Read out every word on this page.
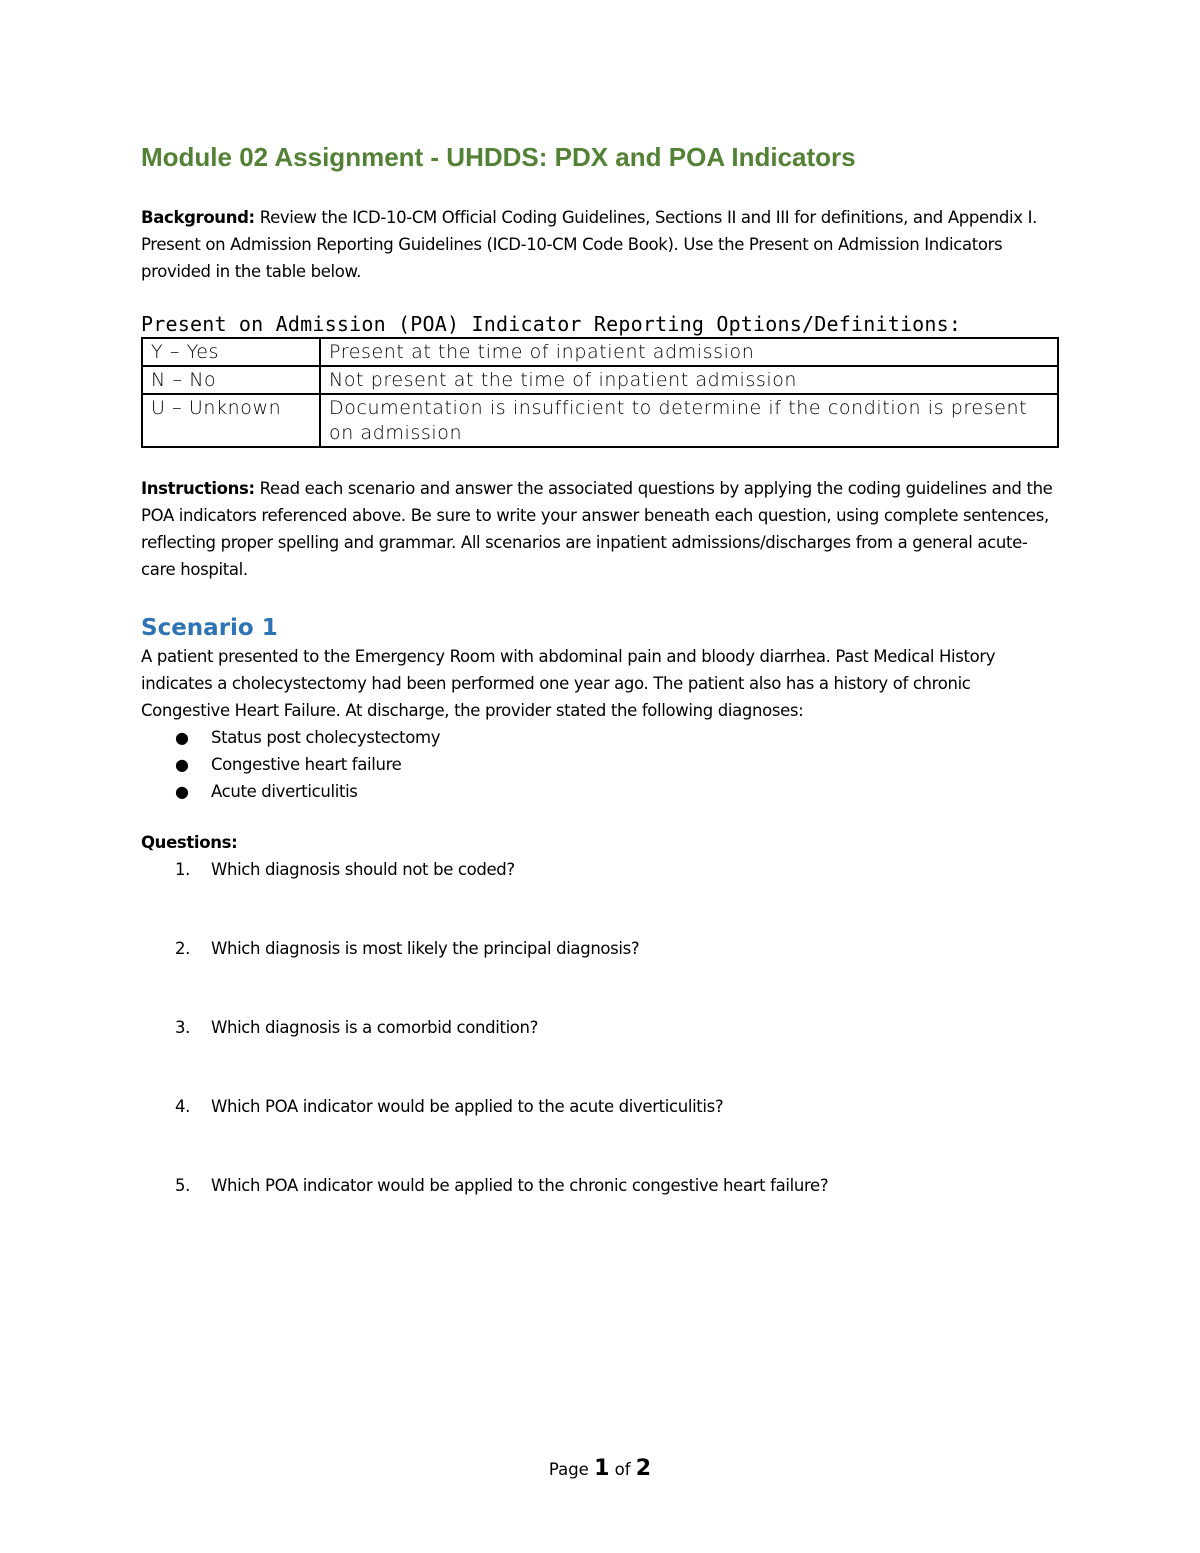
Module 02 Assignment - UHDDS: PDX and POA Indicators

Background: Review the ICD-10-CM Official Coding Guidelines, Sections II and III for definitions, and Appendix I. Present on Admission Reporting Guidelines (ICD-10-CM Code Book). Use the Present on Admission Indicators provided in the table below.

Present on Admission (POA) Indicator Reporting Options/Definitions:
Y – Yes	Present at the time of inpatient admission
N – No	Not present at the time of inpatient admission
U – Unknown	Documentation is insufficient to determine if the condition is present on admission

Instructions: Read each scenario and answer the associated questions by applying the coding guidelines and the POA indicators referenced above. Be sure to write your answer beneath each question, using complete sentences, reflecting proper spelling and grammar. All scenarios are inpatient admissions/discharges from a general acute-care hospital.

Scenario 1

A patient presented to the Emergency Room with abdominal pain and bloody diarrhea. Past Medical History indicates a cholecystectomy had been performed one year ago. The patient also has a history of chronic Congestive Heart Failure. At discharge, the provider stated the following diagnoses:

● Status post cholecystectomy
● Congestive heart failure
● Acute diverticulitis
Questions:
1. Which diagnosis should not be coded?
2. Which diagnosis is most likely the principal diagnosis?
3. Which diagnosis is a comorbid condition?
4. Which POA indicator would be applied to the acute diverticulitis?
5. Which POA indicator would be applied to the chronic congestive heart failure?
Page 1 of 2
